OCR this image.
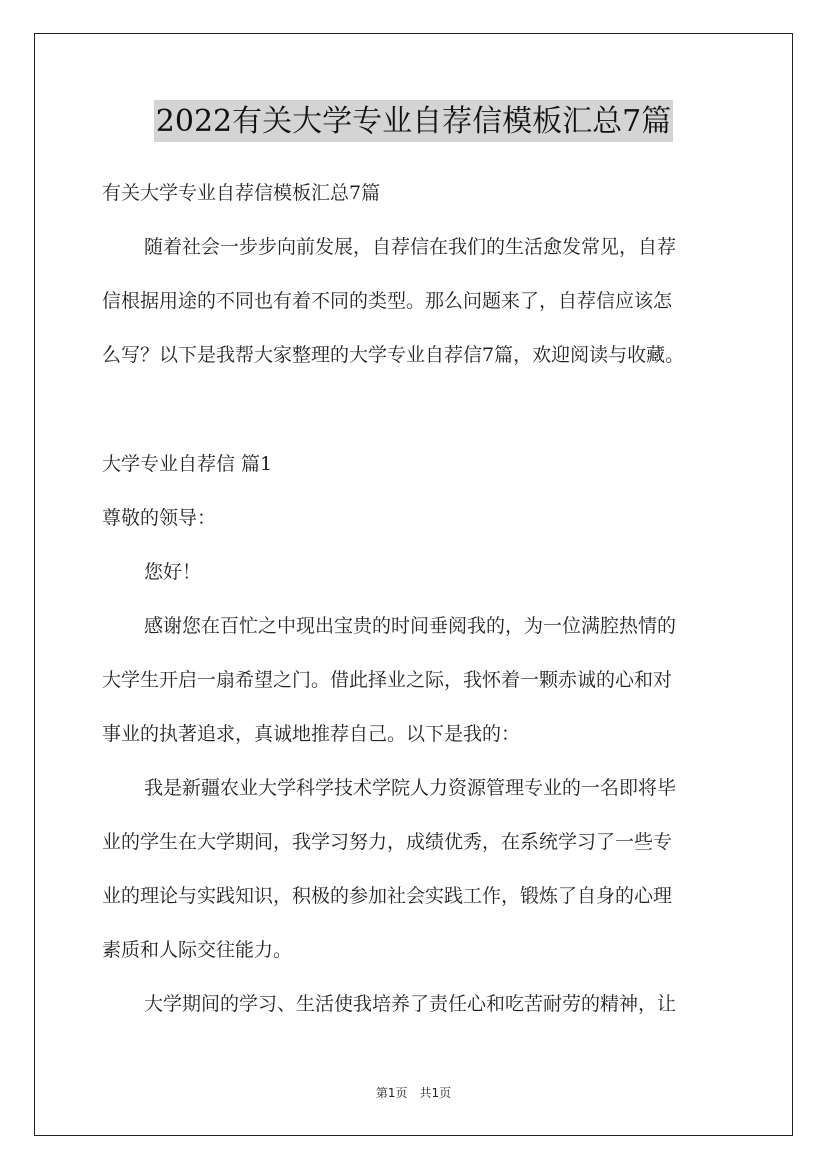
2022有关大学专业自荐信模板汇总7篇

有关大学专业自荐信模板汇总7篇

随着社会一步步向前发展，自荐信在我们的生活愈发常见，自荐

信根据用途的不同也有着不同的类型。那么问题来了，自荐信应该怎

么写？以下是我帮大家整理的大学专业自荐信7篇，欢迎阅读与收藏。

大学专业自荐信 篇1

尊敬的领导：

您好！

感谢您在百忙之中现出宝贵的时间垂阅我的，为一位满腔热情的

大学生开启一扇希望之门。借此择业之际，我怀着一颗赤诚的心和对

事业的执著追求，真诚地推荐自己。以下是我的：

我是新疆农业大学科学技术学院人力资源管理专业的一名即将毕

业的学生在大学期间，我学习努力，成绩优秀，在系统学习了一些专

业的理论与实践知识，积极的参加社会实践工作，锻炼了自身的心理

素质和人际交往能力。

大学期间的学习、生活使我培养了责任心和吃苦耐劳的精神，让

第1页　共1页
